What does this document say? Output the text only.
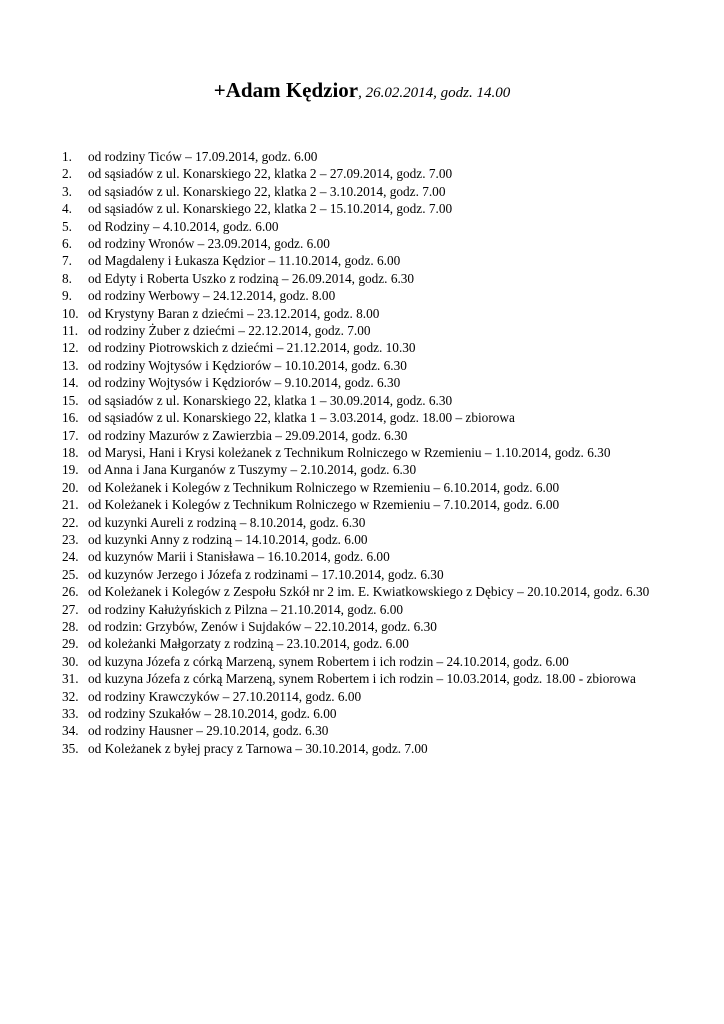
+Adam Kędzior, 26.02.2014, godz. 14.00
1.	od rodziny Ticów – 17.09.2014, godz. 6.00
2.	od sąsiadów z ul. Konarskiego 22, klatka 2 – 27.09.2014, godz. 7.00
3.	od sąsiadów z ul. Konarskiego 22, klatka 2 – 3.10.2014, godz. 7.00
4.	od sąsiadów z ul. Konarskiego 22, klatka 2 – 15.10.2014, godz. 7.00
5.	od Rodziny – 4.10.2014, godz. 6.00
6.	od rodziny Wronów – 23.09.2014, godz. 6.00
7.	od Magdaleny i Łukasza Kędzior – 11.10.2014, godz. 6.00
8.	od Edyty i Roberta Uszko z rodziną – 26.09.2014, godz. 6.30
9.	od rodziny Werbowy – 24.12.2014, godz. 8.00
10. od Krystyny Baran z dziećmi – 23.12.2014, godz. 8.00
11. od rodziny Żuber z dziećmi – 22.12.2014, godz. 7.00
12. od rodziny Piotrowskich z dziećmi – 21.12.2014, godz. 10.30
13. od rodziny Wojtysów i Kędziorów – 10.10.2014, godz. 6.30
14. od rodziny Wojtysów i Kędziorów – 9.10.2014, godz. 6.30
15. od sąsiadów z ul. Konarskiego 22, klatka 1 – 30.09.2014, godz. 6.30
16. od sąsiadów z ul. Konarskiego 22, klatka 1 – 3.03.2014, godz. 18.00 – zbiorowa
17. od rodziny Mazurów z Zawierzbia – 29.09.2014, godz. 6.30
18. od Marysi, Hani i Krysi koleżanek z Technikum Rolniczego w Rzemieniu – 1.10.2014, godz. 6.30
19. od Anna i Jana Kurganów z Tuszymy – 2.10.2014, godz. 6.30
20. od Koleżanek i Kolegów z Technikum Rolniczego w Rzemieniu – 6.10.2014, godz. 6.00
21. od Koleżanek i Kolegów z Technikum Rolniczego w Rzemieniu – 7.10.2014, godz. 6.00
22. od kuzynki Aureli z rodziną – 8.10.2014, godz. 6.30
23. od kuzynki Anny z rodziną – 14.10.2014, godz. 6.00
24. od kuzynów Marii i Stanisława – 16.10.2014, godz. 6.00
25. od kuzynów Jerzego i Józefa z rodzinami – 17.10.2014, godz. 6.30
26. od Koleżanek i Kolegów z Zespołu Szkół nr 2 im. E. Kwiatkowskiego z Dębicy – 20.10.2014, godz. 6.30
27. od rodziny Kałużyńskich z Pilzna – 21.10.2014, godz. 6.00
28. od rodzin: Grzybów, Zenów i Sujdaków – 22.10.2014, godz. 6.30
29. od koleżanki Małgorzaty z rodziną – 23.10.2014, godz. 6.00
30. od kuzyna Józefa z córką Marzeną, synem Robertem i ich rodzin – 24.10.2014, godz. 6.00
31. od kuzyna Józefa z córką Marzeną, synem Robertem i ich rodzin – 10.03.2014, godz. 18.00 - zbiorowa
32. od rodziny Krawczyków – 27.10.20114, godz. 6.00
33. od rodziny Szukałów – 28.10.2014, godz. 6.00
34. od rodziny Hausner – 29.10.2014, godz. 6.30
35. od Koleżanek z byłej pracy z Tarnowa – 30.10.2014, godz. 7.00
